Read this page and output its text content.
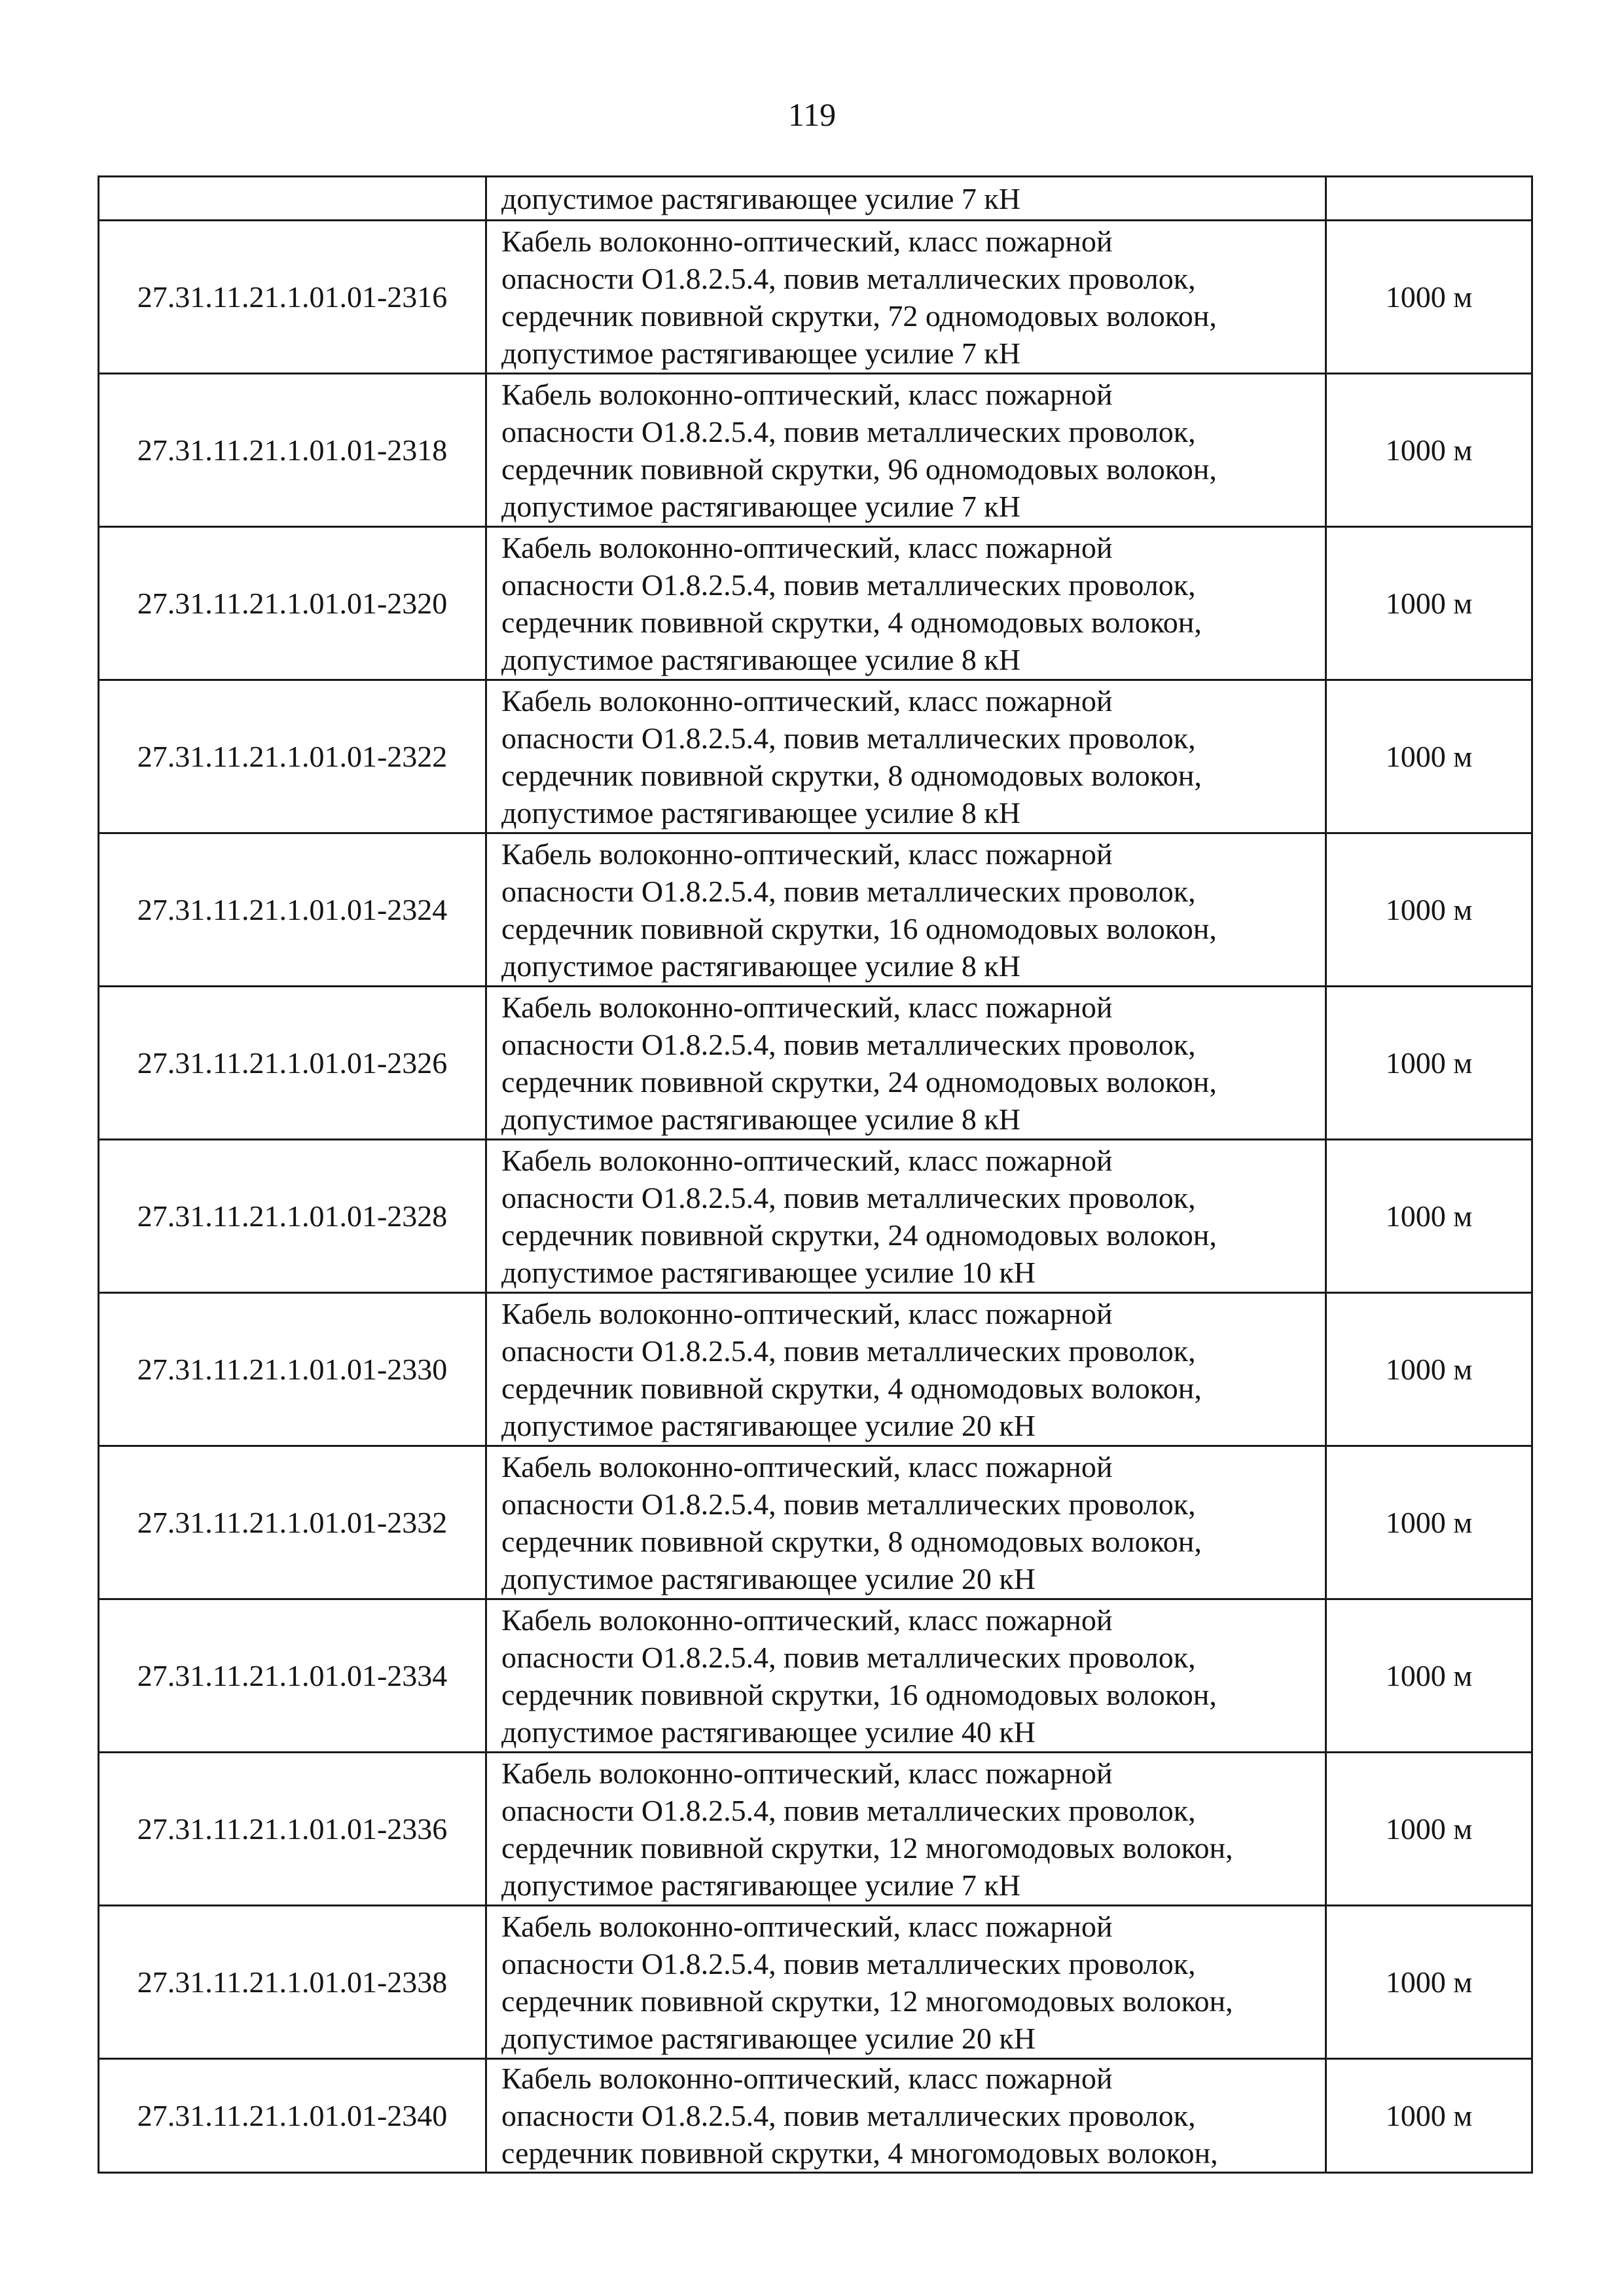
119

	допустимое растягивающее усилие 7 кН	

27.31.11.21.1.01.01-2316	Кабель волоконно-оптический, класс пожарной
опасности О1.8.2.5.4, повив металлических проволок,
сердечник повивной скрутки, 72 одномодовых волокон,
допустимое растягивающее усилие 7 кН	1000 м
27.31.11.21.1.01.01-2318	Кабель волоконно-оптический, класс пожарной
опасности О1.8.2.5.4, повив металлических проволок,
сердечник повивной скрутки, 96 одномодовых волокон,
допустимое растягивающее усилие 7 кН	1000 м
27.31.11.21.1.01.01-2320	Кабель волоконно-оптический, класс пожарной
опасности О1.8.2.5.4, повив металлических проволок,
сердечник повивной скрутки, 4 одномодовых волокон,
допустимое растягивающее усилие 8 кН	1000 м
27.31.11.21.1.01.01-2322	Кабель волоконно-оптический, класс пожарной
опасности О1.8.2.5.4, повив металлических проволок,
сердечник повивной скрутки, 8 одномодовых волокон,
допустимое растягивающее усилие 8 кН	1000 м
27.31.11.21.1.01.01-2324	Кабель волоконно-оптический, класс пожарной
опасности О1.8.2.5.4, повив металлических проволок,
сердечник повивной скрутки, 16 одномодовых волокон,
допустимое растягивающее усилие 8 кН	1000 м
27.31.11.21.1.01.01-2326	Кабель волоконно-оптический, класс пожарной
опасности О1.8.2.5.4, повив металлических проволок,
сердечник повивной скрутки, 24 одномодовых волокон,
допустимое растягивающее усилие 8 кН	1000 м
27.31.11.21.1.01.01-2328	Кабель волоконно-оптический, класс пожарной
опасности О1.8.2.5.4, повив металлических проволок,
сердечник повивной скрутки, 24 одномодовых волокон,
допустимое растягивающее усилие 10 кН	1000 м
27.31.11.21.1.01.01-2330	Кабель волоконно-оптический, класс пожарной
опасности О1.8.2.5.4, повив металлических проволок,
сердечник повивной скрутки, 4 одномодовых волокон,
допустимое растягивающее усилие 20 кН	1000 м
27.31.11.21.1.01.01-2332	Кабель волоконно-оптический, класс пожарной
опасности О1.8.2.5.4, повив металлических проволок,
сердечник повивной скрутки, 8 одномодовых волокон,
допустимое растягивающее усилие 20 кН	1000 м
27.31.11.21.1.01.01-2334	Кабель волоконно-оптический, класс пожарной
опасности О1.8.2.5.4, повив металлических проволок,
сердечник повивной скрутки, 16 одномодовых волокон,
допустимое растягивающее усилие 40 кН	1000 м
27.31.11.21.1.01.01-2336	Кабель волоконно-оптический, класс пожарной
опасности О1.8.2.5.4, повив металлических проволок,
сердечник повивной скрутки, 12 многомодовых волокон,
допустимое растягивающее усилие 7 кН	1000 м
27.31.11.21.1.01.01-2338	Кабель волоконно-оптический, класс пожарной
опасности О1.8.2.5.4, повив металлических проволок,
сердечник повивной скрутки, 12 многомодовых волокон,
допустимое растягивающее усилие 20 кН	1000 м
27.31.11.21.1.01.01-2340	Кабель волоконно-оптический, класс пожарной
опасности О1.8.2.5.4, повив металлических проволок,
сердечник повивной скрутки, 4 многомодовых волокон,	1000 м
